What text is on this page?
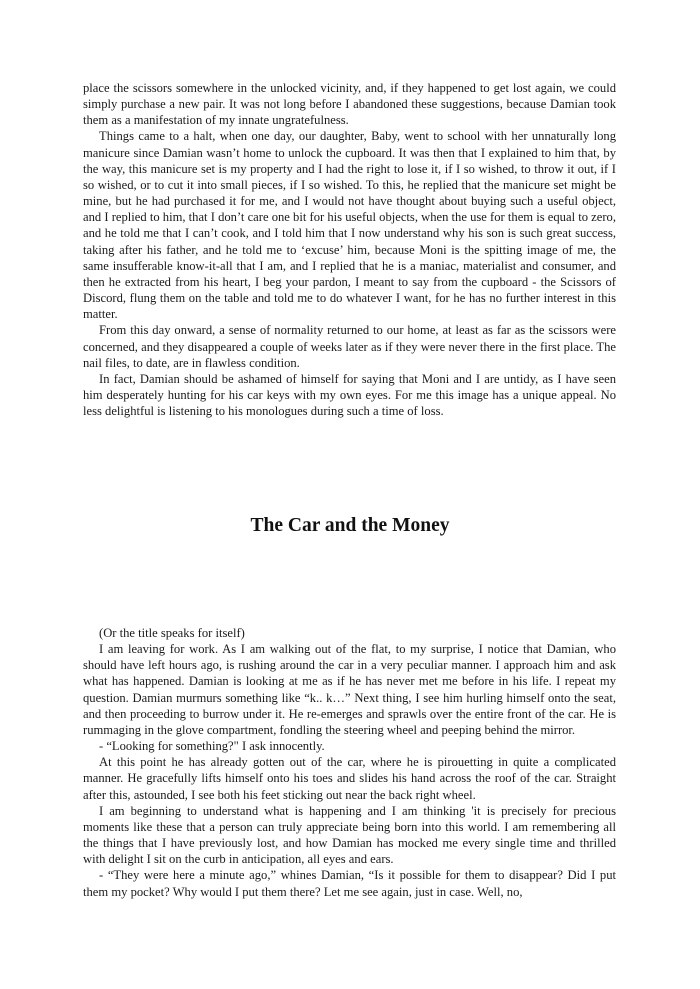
place the scissors somewhere in the unlocked vicinity, and, if they happened to get lost again, we could simply purchase a new pair. It was not long before I abandoned these suggestions, because Damian took them as a manifestation of my innate ungratefulness.

Things came to a halt, when one day, our daughter, Baby, went to school with her unnaturally long manicure since Damian wasn’t home to unlock the cupboard. It was then that I explained to him that, by the way, this manicure set is my property and I had the right to lose it, if I so wished, to throw it out, if I so wished, or to cut it into small pieces, if I so wished. To this, he replied that the manicure set might be mine, but he had purchased it for me, and I would not have thought about buying such a useful object, and I replied to him, that I don’t care one bit for his useful objects, when the use for them is equal to zero, and he told me that I can’t cook, and I told him that I now understand why his son is such great success, taking after his father, and he told me to ‘excuse’ him, because Moni is the spitting image of me, the same insufferable know-it-all that I am, and I replied that he is a maniac, materialist and consumer, and then he extracted from his heart, I beg your pardon, I meant to say from the cupboard - the Scissors of Discord, flung them on the table and told me to do whatever I want, for he has no further interest in this matter.

From this day onward, a sense of normality returned to our home, at least as far as the scissors were concerned, and they disappeared a couple of weeks later as if they were never there in the first place. The nail files, to date, are in flawless condition.

In fact, Damian should be ashamed of himself for saying that Moni and I are untidy, as I have seen him desperately hunting for his car keys with my own eyes. For me this image has a unique appeal. No less delightful is listening to his monologues during such a time of loss.

The Car and the Money

(Or the title speaks for itself)

I am leaving for work. As I am walking out of the flat, to my surprise, I notice that Damian, who should have left hours ago, is rushing around the car in a very peculiar manner. I approach him and ask what has happened. Damian is looking at me as if he has never met me before in his life. I repeat my question. Damian murmurs something like “k.. k…” Next thing, I see him hurling himself onto the seat, and then proceeding to burrow under it. He re-emerges and sprawls over the entire front of the car. He is rummaging in the glove compartment, fondling the steering wheel and peeping behind the mirror.

- “Looking for something?" I ask innocently.

At this point he has already gotten out of the car, where he is pirouetting in quite a complicated manner. He gracefully lifts himself onto his toes and slides his hand across the roof of the car. Straight after this, astounded, I see both his feet sticking out near the back right wheel.

I am beginning to understand what is happening and I am thinking 'it is precisely for precious moments like these that a person can truly appreciate being born into this world. I am remembering all the things that I have previously lost, and how Damian has mocked me every single time and thrilled with delight I sit on the curb in anticipation, all eyes and ears.

- “They were here a minute ago,” whines Damian, “Is it possible for them to disappear? Did I put them my pocket? Why would I put them there? Let me see again, just in case. Well, no,
